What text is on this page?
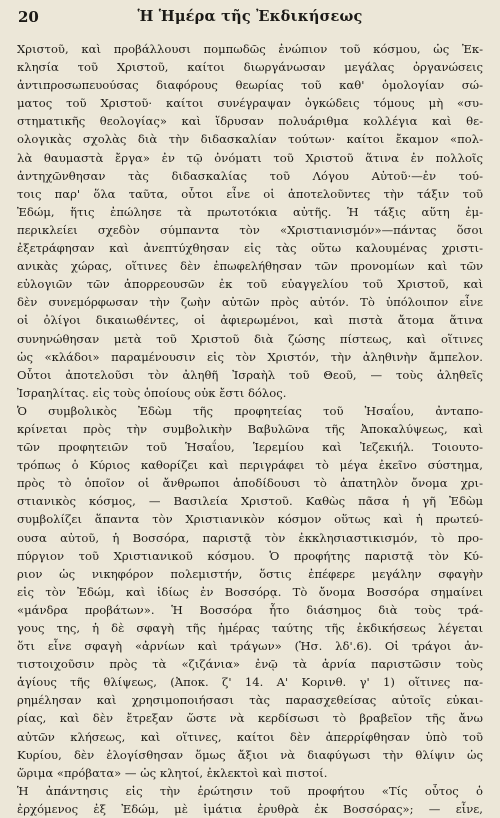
20	Ἡ Ἡμέρα τῆς Ἐκδικήσεως
Χριστοῦ, καὶ προβάλλουσι πομπωδῶς ἐνώπιον τοῦ κόσμου, ὡς Ἐκ-
κλησία τοῦ Χριστοῦ, καίτοι διωργάνωσαν μεγάλας ὀργανώσεις
ἀντιπροσωπευούσας διαφόρους θεωρίας τοῦ καθ' ὁμολογίαν σώ-
ματος τοῦ Χριστοῦ· καίτοι συνέγραψαν ὀγκώδεις τόμους μὴ «συ-
στηματικῆς θεολογίας» καὶ ἵδρυσαν πολυάριθμα κολλέγια καὶ θε-
ολογικὰς σχολὰς διὰ τὴν διδασκαλίαν τούτων· καίτοι ἔκαμον «πολ-
λὰ θαυμαστὰ ἔργα» ἐν τῷ ὀνόματι τοῦ Χριστοῦ ἅτινα ἐν πολλοῖς
ἀντηχῶνθησαν τὰς διδασκαλίας τοῦ Λόγου Αὐτοῦ·—ἐν τού-
τοις παρ' ὅλα ταῦτα, οὗτοι εἶνε οἱ ἀποτελοῦντες τὴν τάξιν τοῦ
Ἐδώμ, ἥτις ἐπώλησε τὰ πρωτοτόκια αὐτῆς. Ἡ τάξις αὕτη ἐμ-
περικλείει σχεδὸν σύμπαντα τὸν «Χριστιανισμόν»—πάντας ὅσοι
ἐξετράφησαν καὶ ἀνεπτύχθησαν εἰς τὰς οὕτω καλουμένας χριστι-
ανικὰς χώρας, οἵτινες δὲν ἐπωφελήθησαν τῶν προνομίων καὶ τῶν
εὐλογιῶν τῶν ἀπορρεουσῶν ἐκ τοῦ εὐαγγελίου τοῦ Χριστοῦ, καὶ
δὲν συνεμόρφωσαν τὴν ζωὴν αὐτῶν πρὸς αὐτόν. Τὸ ὑπόλοιπον εἶνε
οἱ ὀλίγοι δικαιωθέντες, οἱ ἀφιερωμένοι, καὶ πιστὰ ἄτομα ἅτινα
συνηνώθησαν μετὰ τοῦ Χριστοῦ διὰ ζώσης πίστεως, καὶ οἵτινες
ὡς «κλάδοι» παραμένουσιν εἰς τὸν Χριστόν, τὴν ἀληθινὴν ἄμπελον.
Οὗτοι ἀποτελοῦσι τὸν ἀληθῆ Ἰσραὴλ τοῦ Θεοῦ, — τοὺς ἀληθεῖς
Ἰσραηλίτας. εἰς τοὺς ὁποίους οὐκ ἔστι δόλος.
Ὁ συμβολικὸς Ἐδὼμ τῆς προφητείας τοῦ Ἡσαΐου, ἀνταπο-
κρίνεται πρὸς τὴν συμβολικὴν Βαβυλῶνα τῆς Ἀποκαλύψεως, καὶ
τῶν προφητειῶν τοῦ Ἡσαΐου, Ἱερεμίου καὶ Ἰεζεκιήλ. Τοιουτο-
τρόπως ὁ Κύριος καθορίζει καὶ περιγράφει τὸ μέγα ἐκεῖνο σύστημα,
πρὸς τὸ ὁποῖον οἱ ἄνθρωποι ἀποδίδουσι τὸ ἀπατηλὸν ὄνομα χρι-
στιανικὸς κόσμος, — Βασιλεία Χριστοῦ. Καθὼς πᾶσα ἡ γῆ Ἐδὼμ
συμβολίζει ἅπαντα τὸν Χριστιανικὸν κόσμον οὕτως καὶ ἡ πρωτεύ-
ουσα αὐτοῦ, ἡ Βοσσόρα, παριστᾷ τὸν ἐκκλησιαστικισμόν, τὸ προ-
πύργιον τοῦ Χριστιανικοῦ κόσμου. Ὁ προφήτης παριστᾷ τὸν Κύ-
ριον ὡς νικηφόρον πολεμιστήν, ὅστις ἐπέφερε μεγάλην σφαγὴν
εἰς τὸν Ἐδώμ, καὶ ἰδίως ἐν Βοσσόρᾳ. Τὸ ὄνομα Βοσσόρα σημαίνει
«μάνδρα προβάτων». Ἡ Βοσσόρα ἦτο διάσημος διὰ τοὺς τρά-
γους της, ἡ δὲ σφαγὴ τῆς ἡμέρας ταύτης τῆς ἐκδικήσεως λέγεται
ὅτι εἶνε σφαγὴ «ἀρνίων καὶ τράγων» (Ἡσ. λδ'.6). Οἱ τράγοι ἀν-
τιστοιχοῦσιν πρὸς τὰ «ζιζάνια» ἐνῷ τὰ ἀρνία παριστῶσιν τοὺς
ἁγίους τῆς θλίψεως, (Ἀποκ. ζ' 14. Α' Κορινθ. γ' 1) οἵτινες πα-
ρημέλησαν καὶ χρησιμοποιήσασι τὰς παρασχεθείσας αὐτοῖς εὐκαι-
ρίας, καὶ δὲν ἔτρεξαν ὥστε νὰ κερδίσωσι τὸ βραβεῖον τῆς ἄνω
αὐτῶν κλήσεως, καὶ οἵτινες, καίτοι δὲν ἀπερρίφθησαν ὑπὸ τοῦ
Κυρίου, δὲν ἐλογίσθησαν ὅμως ἄξιοι νὰ διαφύγωσι τὴν θλίψιν ὡς
ὥριμα «πρόβατα» — ὡς κλητοί, ἐκλεκτοὶ καὶ πιστοί.
Ἡ ἀπάντησις εἰς τὴν ἐρώτησιν τοῦ προφήτου «Τίς οὗτος ὁ
ἐρχόμενος ἐξ Ἐδώμ, μὲ ἱμάτια ἐρυθρὰ ἐκ Βοσσόρας»; — εἶνε,
